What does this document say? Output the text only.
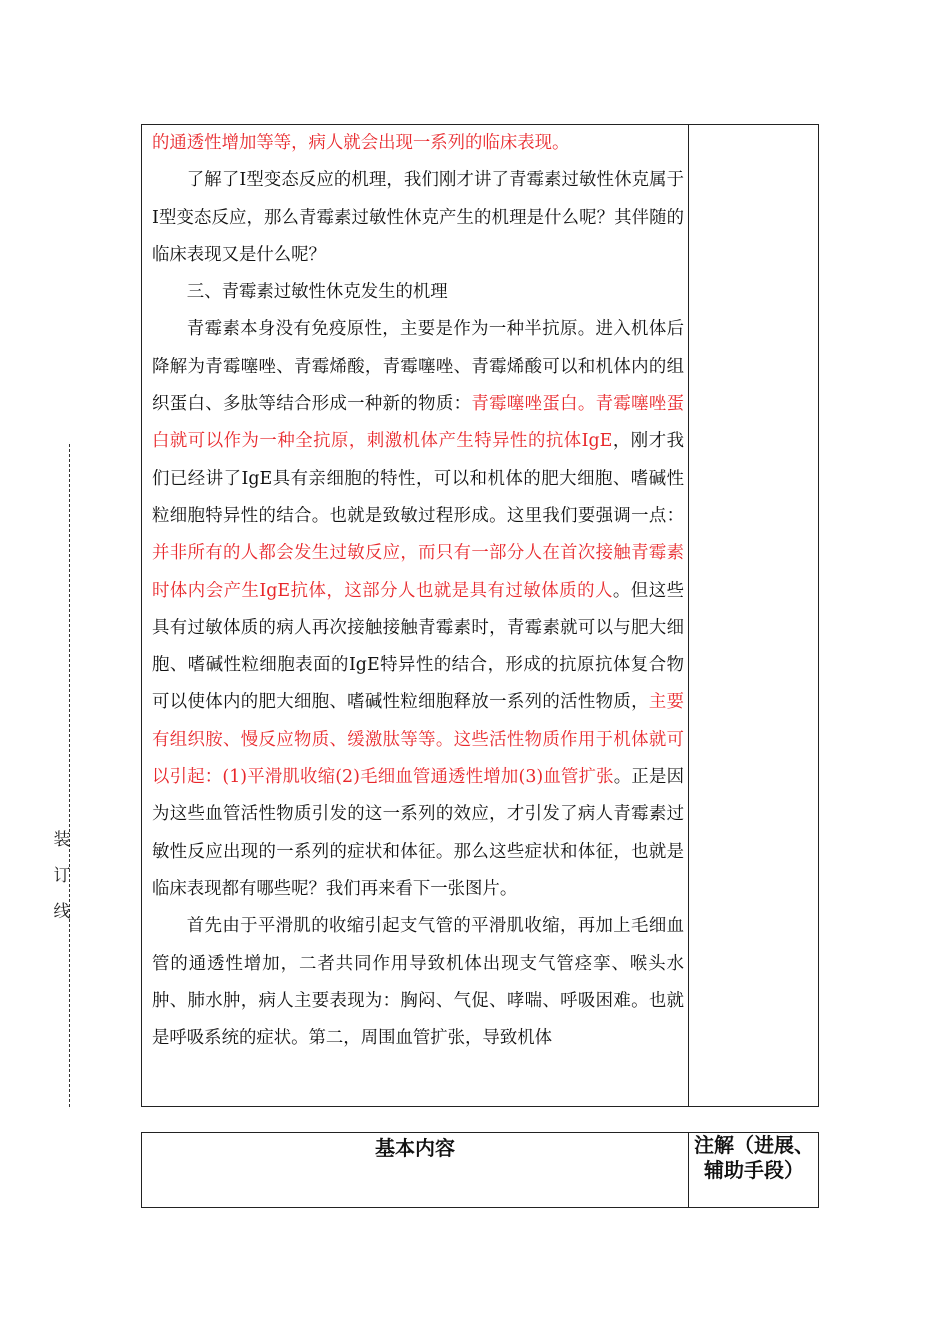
装订线

的通透性增加等等，病人就会出现一系列的临床表现。

了解了Ⅰ型变态反应的机理，我们刚才讲了青霉素过敏性休克属于Ⅰ型变态反应，那么青霉素过敏性休克产生的机理是什么呢？其伴随的临床表现又是什么呢？

三、青霉素过敏性休克发生的机理

青霉素本身没有免疫原性，主要是作为一种半抗原。进入机体后降解为青霉噻唑、青霉烯酸，青霉噻唑、青霉烯酸可以和机体内的组织蛋白、多肽等结合形成一种新的物质：青霉噻唑蛋白。青霉噻唑蛋白就可以作为一种全抗原，刺激机体产生特异性的抗体IgE，刚才我们已经讲了IgE具有亲细胞的特性，可以和机体的肥大细胞、嗜碱性粒细胞特异性的结合。也就是致敏过程形成。这里我们要强调一点：并非所有的人都会发生过敏反应，而只有一部分人在首次接触青霉素时体内会产生IgE抗体，这部分人也就是具有过敏体质的人。但这些具有过敏体质的病人再次接触接触青霉素时，青霉素就可以与肥大细胞、嗜碱性粒细胞表面的IgE特异性的结合，形成的抗原抗体复合物可以使体内的肥大细胞、嗜碱性粒细胞释放一系列的活性物质，主要有组织胺、慢反应物质、缓激肽等等。这些活性物质作用于机体就可以引起：(1)平滑肌收缩(2)毛细血管通透性增加(3)血管扩张。正是因为这些血管活性物质引发的这一系列的效应，才引发了病人青霉素过敏性反应出现的一系列的症状和体征。那么这些症状和体征，也就是临床表现都有哪些呢？我们再来看下一张图片。

首先由于平滑肌的收缩引起支气管的平滑肌收缩，再加上毛细血管的通透性增加，二者共同作用导致机体出现支气管痉挛、喉头水肿、肺水肿，病人主要表现为：胸闷、气促、哮喘、呼吸困难。也就是呼吸系统的症状。第二，周围血管扩张，导致机体

基本内容	注解（进展、辅助手段）
